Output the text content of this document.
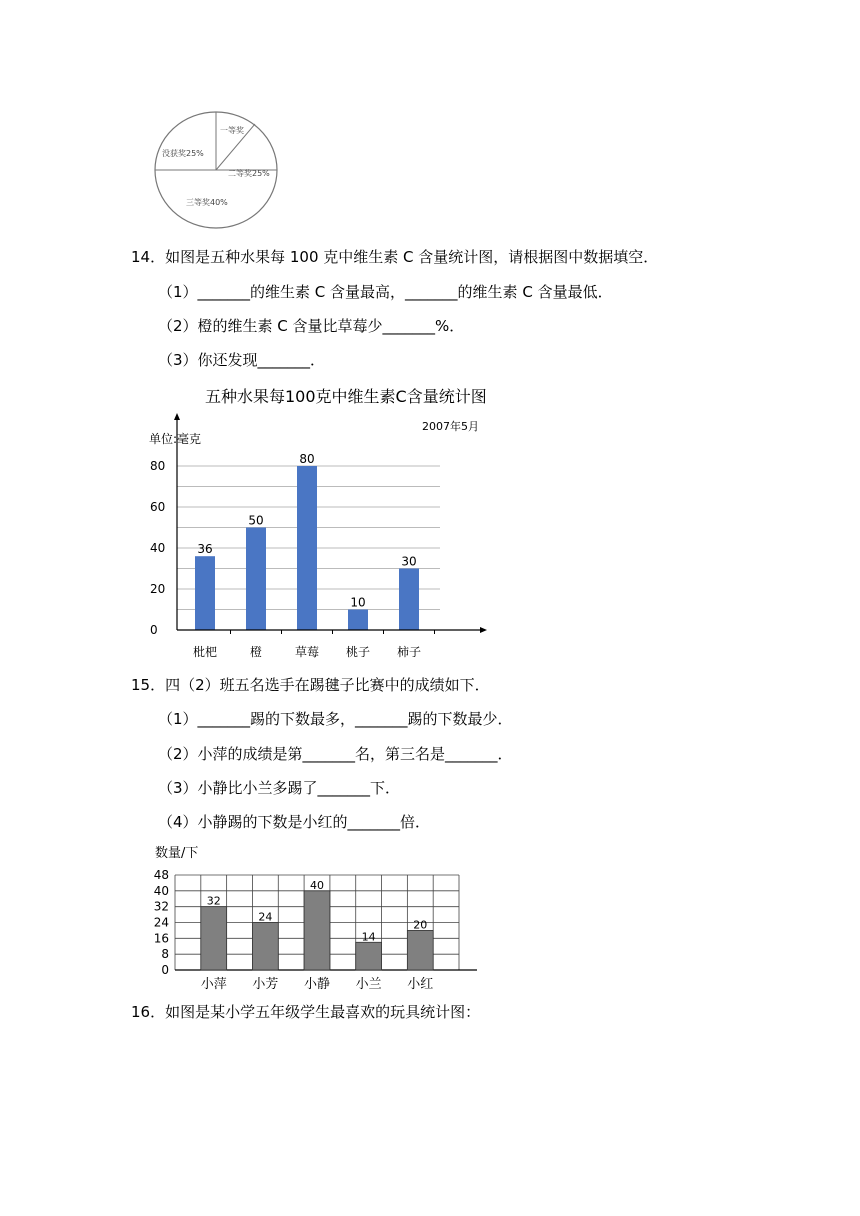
一等奖
二等奖25%
三等奖40%
没获奖25%
14．如图是五种水果每 100 克中维生素 C 含量统计图，请根据图中数据填空．
（1）_______的维生素 C 含量最高，_______的维生素 C 含量最低．
（2）橙的维生素 C 含量比草莓少_______%．
（3）你还发现_______．
五种水果每100克中维生素C含量统计图
2007年5月
单位:毫克
36
50
80
10
30
0
20
40
60
80
枇杷	橙	草莓 桃子 柿子
15．四（2）班五名选手在踢毽子比赛中的成绩如下．
（1）_______踢的下数最多，_______踢的下数最少．
（2）小萍的成绩是第_______名，第三名是_______．
（3）小静比小兰多踢了_______下．
（4）小静踢的下数是小红的_______倍．
数量/下
0
8
16
24
32
40
48
32
小萍
24
小芳
40
小静
14
小兰
20
小红
16．如图是某小学五年级学生最喜欢的玩具统计图：
